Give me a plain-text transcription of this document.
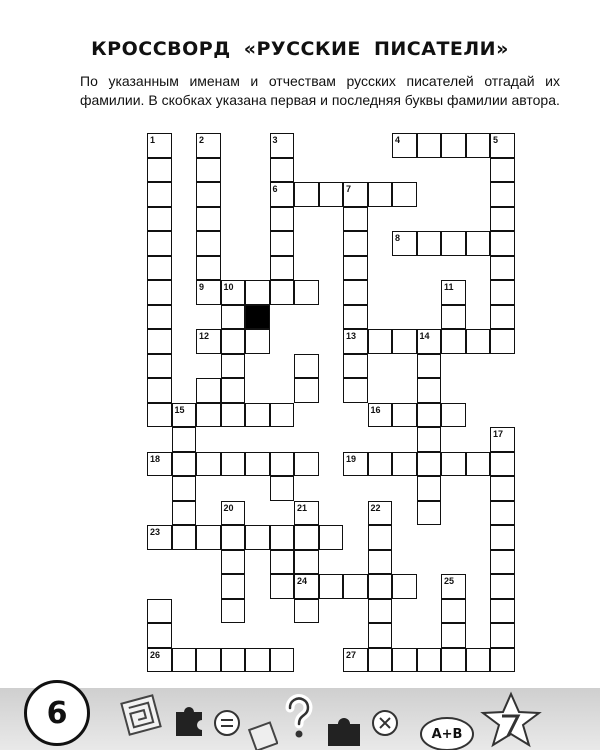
КРОССВОРД «РУССКИЕ ПИСАТЕЛИ»
По указанным именам и отчествам русских писателей отгадай их фамилии. В скобках указана первая и последняя буквы фамилии автора.
1	2	3
6
4	5
7
13
8
9 10	11
12	14
15	16
17
18	19
20	21
24
22
23
25
26	27
A+B
6
